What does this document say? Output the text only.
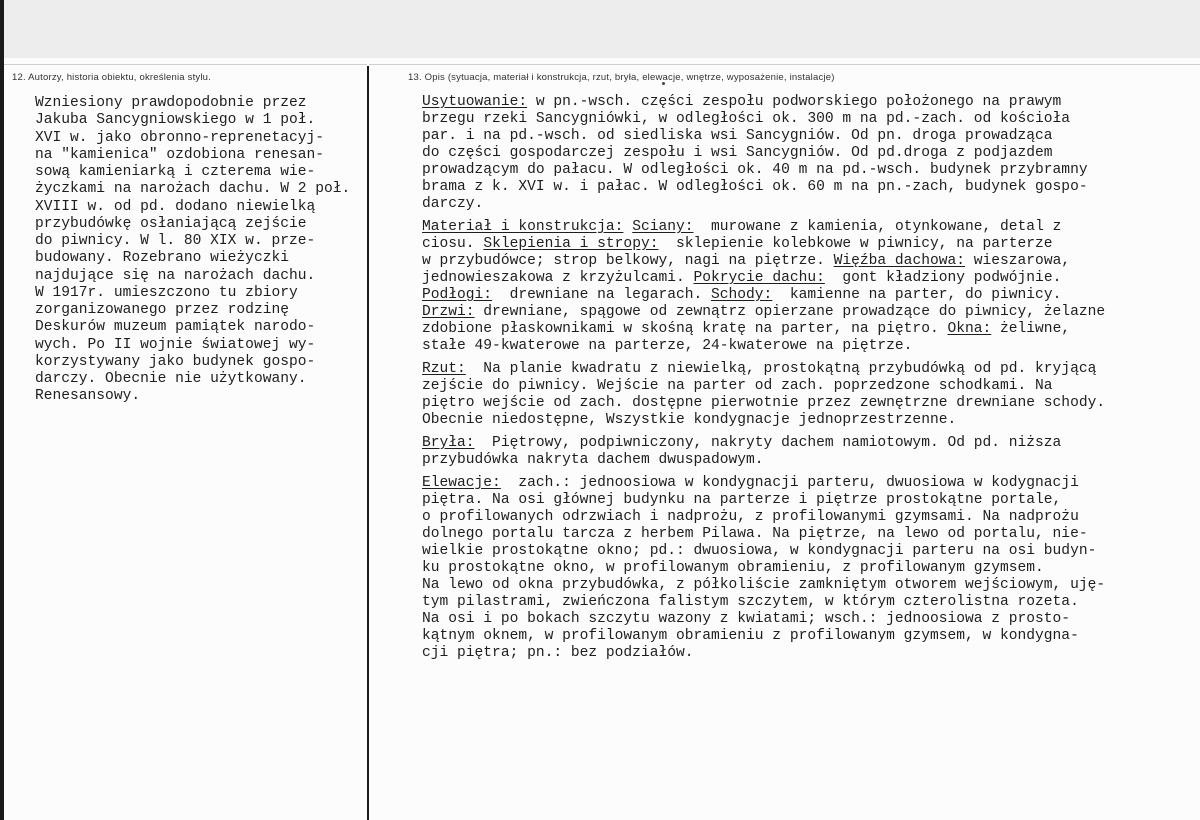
12. Autorzy, historia obiektu, określenia stylu.	13. Opis (sytuacja, materiał i konstrukcja, rzut, bryła, elewacje, wnętrze, wyposażenie, instalacje)
Wzniesiony prawdopodobnie przez
Jakuba Sancygniowskiego w 1 poł.
XVI w. jako obronno-reprenetacyj-
na "kamienica" ozdobiona renesan-
sową kamieniarką i czterema wie-
życzkami na narożach dachu. W 2 poł.
XVIII w. od pd. dodano niewielką
przybudówkę osłaniającą zejście
do piwnicy. W l. 80 XIX w. prze-
budowany. Rozebrano wieżyczki
najdujące się na narożach dachu.
W 1917r. umieszczono tu zbiory
zorganizowanego przez rodzinę
Deskurów muzeum pamiątek narodo-
wych. Po II wojnie światowej wy-
korzystywany jako budynek gospo-
darczy. Obecnie nie użytkowany.
Renesansowy.
Usytuowanie: w pn.-wsch. części zespołu podworskiego położonego na prawym
brzegu rzeki Sancygniówki, w odległości ok. 300 m na pd.-zach. od kościoła
par. i na pd.-wsch. od siedliska wsi Sancygniów. Od pn. droga prowadząca
do części gospodarczej zespołu i wsi Sancygniów. Od pd.droga z podjazdem
prowadzącym do pałacu. W odległości ok. 40 m na pd.-wsch. budynek przybramny
brama z k. XVI w. i pałac. W odległości ok. 60 m na pn.-zach, budynek gospo-
darczy.
Materiał i konstrukcja: Sciany:  murowane z kamienia, otynkowane, detal z
ciosu. Sklepienia i stropy:  sklepienie kolebkowe w piwnicy, na parterze
w przybudówce; strop belkowy, nagi na piętrze. Więźba dachowa: wieszarowa,
jednowieszakowa z krzyżulcami. Pokrycie dachu:  gont kładziony podwójnie.
Podłogi:  drewniane na legarach. Schody:  kamienne na parter, do piwnicy.
Drzwi: drewniane, spągowe od zewnątrz opierzane prowadzące do piwnicy, żelazne
zdobione płaskownikami w skośną kratę na parter, na piętro. Okna: żeliwne,
stałe 49-kwaterowe na parterze, 24-kwaterowe na piętrze.
Rzut:  Na planie kwadratu z niewielką, prostokątną przybudówką od pd. kryjącą
zejście do piwnicy. Wejście na parter od zach. poprzedzone schodkami. Na
piętro wejście od zach. dostępne pierwotnie przez zewnętrzne drewniane schody.
Obecnie niedostępne, Wszystkie kondygnacje jednoprzestrzenne.
Bryła:  Piętrowy, podpiwniczony, nakryty dachem namiotowym. Od pd. niższa
przybudówka nakryta dachem dwuspadowym.
Elewacje:  zach.: jednoosiowa w kondygnacji parteru, dwuosiowa w kodygnacji
piętra. Na osi głównej budynku na parterze i piętrze prostokątne portale,
o profilowanych odrzwiach i nadprożu, z profilowanymi gzymsami. Na nadprożu
dolnego portalu tarcza z herbem Pilawa. Na piętrze, na lewo od portalu, nie-
wielkie prostokątne okno; pd.: dwuosiowa, w kondygnacji parteru na osi budyn-
ku prostokątne okno, w profilowanym obramieniu, z profilowanym gzymsem.
Na lewo od okna przybudówka, z półkoliście zamkniętym otworem wejściowym, uję-
tym pilastrami, zwieńczona falistym szczytem, w którym czterolistna rozeta.
Na osi i po bokach szczytu wazony z kwiatami; wsch.: jednoosiowa z prosto-
kątnym oknem, w profilowanym obramieniu z profilowanym gzymsem, w kondygna-
cji piętra; pn.: bez podziałów.
